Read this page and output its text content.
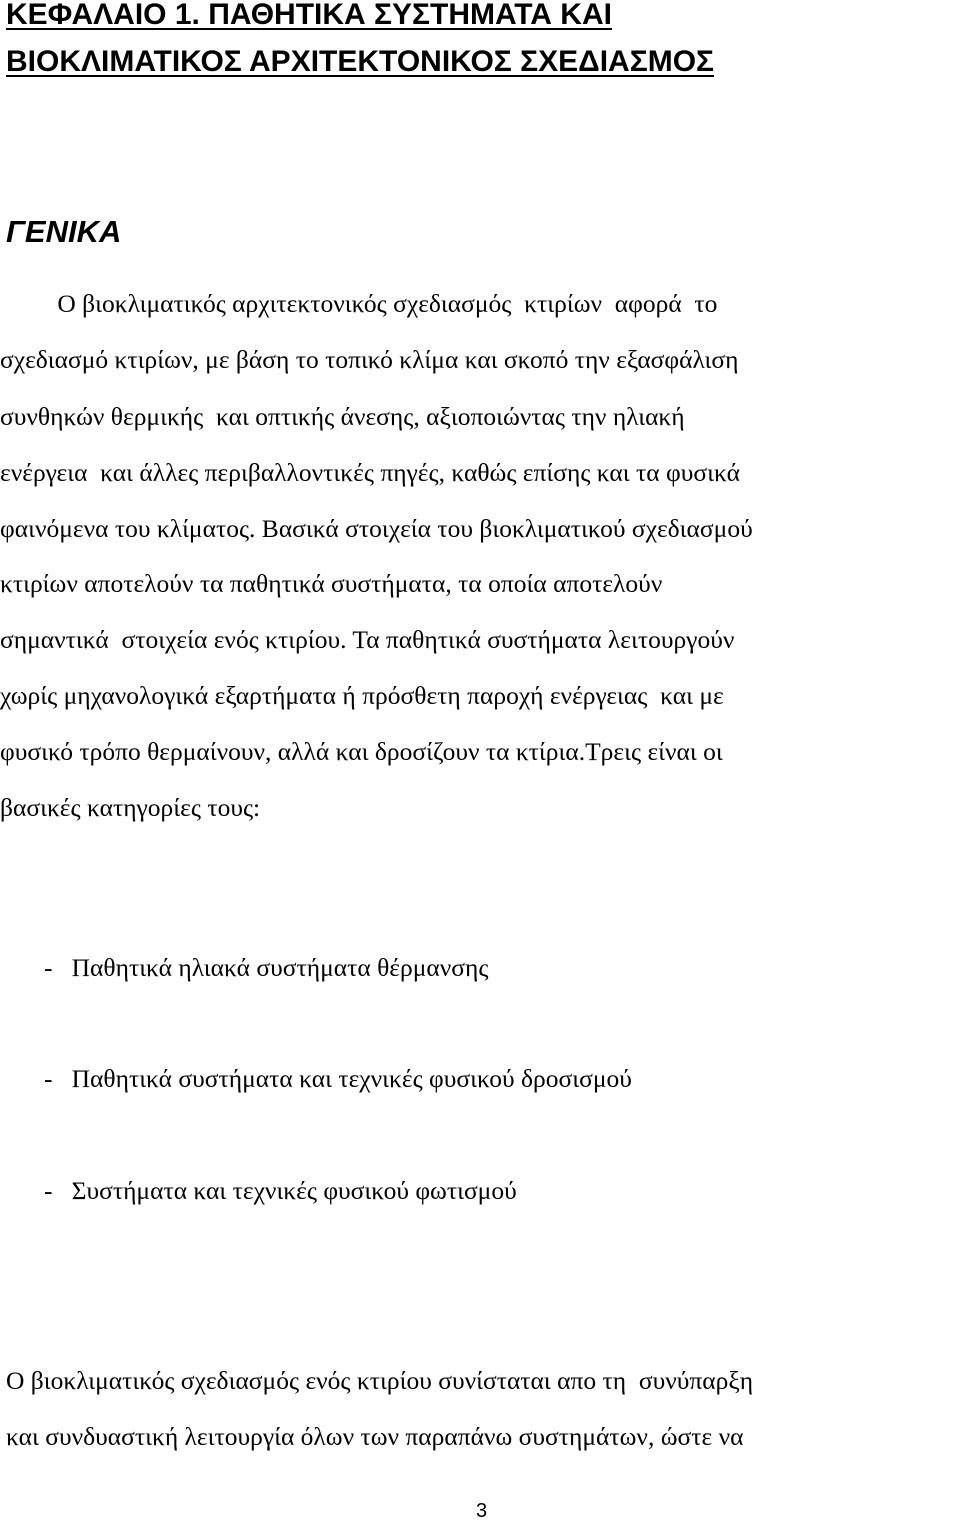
ΚΕΦΑΛΑΙΟ 1. ΠΑΘΗΤΙΚΑ ΣΥΣΤΗΜΑΤΑ ΚΑΙ
ΒΙΟΚΛΙΜΑΤΙΚΟΣ ΑΡΧΙΤΕΚΤΟΝΙΚΟΣ ΣΧΕΔΙΑΣΜΟΣ
ΓΕΝΙΚΑ
Ο βιοκλιματικός αρχιτεκτονικός σχεδιασμός  κτιρίων  αφορά  το
σχεδιασμό κτιρίων, με βάση το τοπικό κλίμα και σκοπό την εξασφάλιση
συνθηκών θερμικής  και οπτικής άνεσης, αξιοποιώντας την ηλιακή
ενέργεια  και άλλες περιβαλλοντικές πηγές, καθώς επίσης και τα φυσικά
φαινόμενα του κλίματος. Βασικά στοιχεία του βιοκλιματικού σχεδιασμού
κτιρίων αποτελούν τα παθητικά συστήματα, τα οποία αποτελούν
σημαντικά  στοιχεία ενός κτιρίου. Τα παθητικά συστήματα λειτουργούν
χωρίς μηχανολογικά εξαρτήματα ή πρόσθετη παροχή ενέργειας  και με
φυσικό τρόπο θερμαίνουν, αλλά και δροσίζουν τα κτίρια.Τρεις είναι οι
βασικές κατηγορίες τους:
-   Παθητικά ηλιακά συστήματα θέρμανσης
-   Παθητικά συστήματα και τεχνικές φυσικού δροσισμού
-   Συστήματα και τεχνικές φυσικού φωτισμού
Ο βιοκλιματικός σχεδιασμός ενός κτιρίου συνίσταται απο τη  συνύπαρξη
και συνδυαστική λειτουργία όλων των παραπάνω συστημάτων, ώστε να
3
